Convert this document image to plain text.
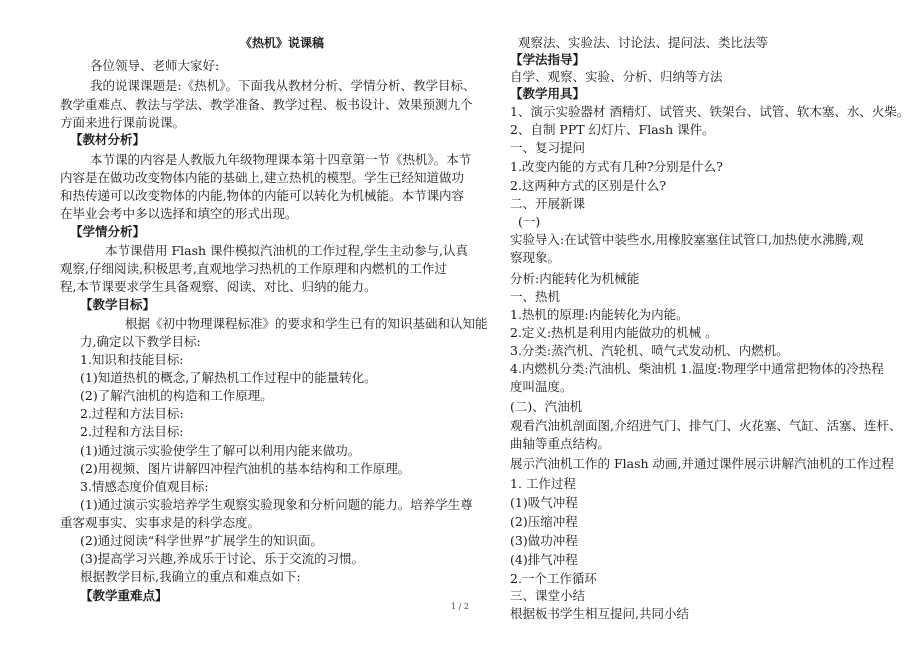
《热机》说课稿
各位领导、老师大家好:
我的说课课题是:《热机》。下面我从教材分析、学情分析、教学目标、
教学重难点、教法与学法、教学准备、教学过程、板书设计、效果预测九个
方面来进行课前说课。
【教材分析】
本节课的内容是人教版九年级物理课本第十四章第一节《热机》。本节
内容是在做功改变物体内能的基础上,建立热机的模型。学生已经知道做功
和热传递可以改变物体的内能,物体的内能可以转化为机械能。本节课内容
在毕业会考中多以选择和填空的形式出现。
【学情分析】
本节课借用 Flash 课件模拟汽油机的工作过程,学生主动参与,认真
观察,仔细阅读,积极思考,直观地学习热机的工作原理和内燃机的工作过
程,本节课要求学生具备观察、阅读、对比、归纳的能力。
【教学目标】
根据《初中物理课程标准》的要求和学生已有的知识基础和认知能
力,确定以下教学目标:
1.知识和技能目标:
(1)知道热机的概念,了解热机工作过程中的能量转化。
(2)了解汽油机的构造和工作原理。
2.过程和方法目标:
2.过程和方法目标:
(1)通过演示实验使学生了解可以利用内能来做功。
(2)用视频、图片讲解四冲程汽油机的基本结构和工作原理。
3.情感态度价值观目标:
(1)通过演示实验培养学生观察实验现象和分析问题的能力。培养学生尊
重客观事实、实事求是的科学态度。
(2)通过阅读“科学世界”扩展学生的知识面。
(3)提高学习兴趣,养成乐于讨论、乐于交流的习惯。
根据教学目标,我确立的重点和难点如下:
【教学重难点】
观察法、实验法、讨论法、提问法、类比法等
【学法指导】
自学、观察、实验、分析、归纳等方法
【教学用具】
1、演示实验器材 酒精灯、试管夹、铁架台、试管、软木塞、水、火柴。
2、自制 PPT 幻灯片、Flash 课件。
一、复习提问
1.改变内能的方式有几种?分别是什么?
2.这两种方式的区别是什么?
二、开展新课
(一)
实验导入:在试管中装些水,用橡胶塞塞住试管口,加热使水沸腾,观
察现象。
分析:内能转化为机械能
一、热机
1.热机的原理:内能转化为内能。
2.定义:热机是利用内能做功的机械 。
3.分类:蒸汽机、汽轮机、喷气式发动机、内燃机。
4.内燃机分类:汽油机、柴油机 1.温度:物理学中通常把物体的冷热程
度叫温度。
(二)、汽油机
观看汽油机剖面图,介绍进气门、排气门、火花塞、气缸、活塞、连杆、
曲轴等重点结构。
展示汽油机工作的 Flash 动画,并通过课件展示讲解汽油机的工作过程
1. 工作过程
(1)吸气冲程
(2)压缩冲程
(3)做功冲程
(4)排气冲程
2.一个工作循环
三、课堂小结
根据板书学生相互提问,共同小结
1 / 2
